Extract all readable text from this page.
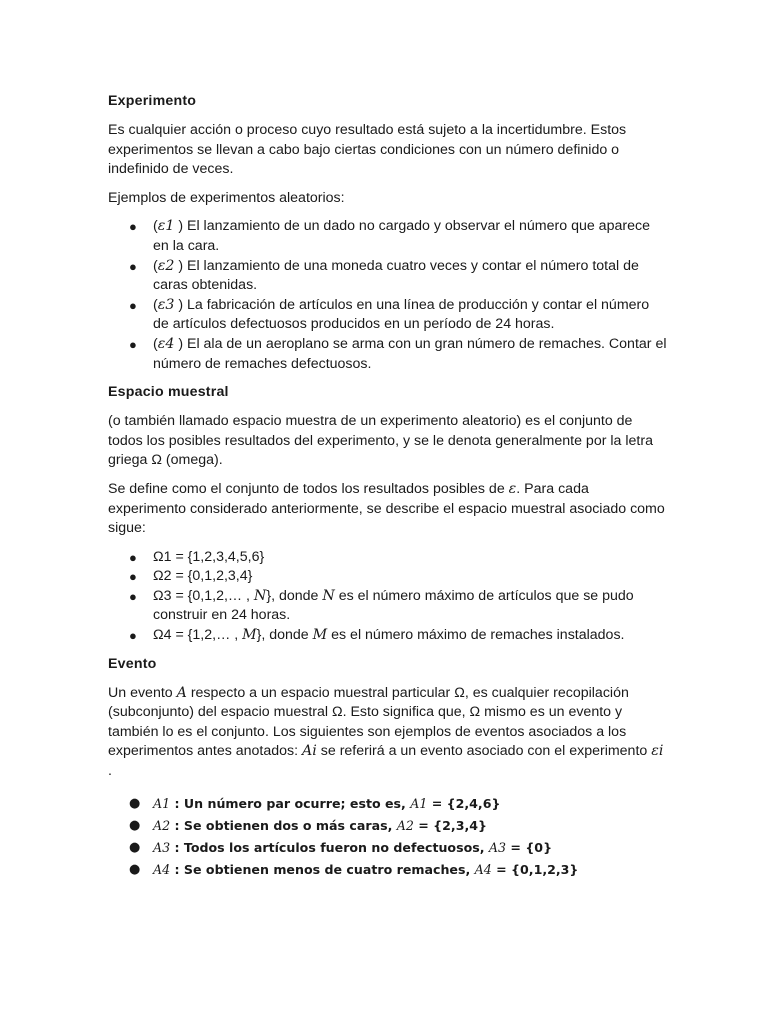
Experimento

Es cualquier acción o proceso cuyo resultado está sujeto a la incertidumbre. Estos experimentos se llevan a cabo bajo ciertas condiciones con un número definido o indefinido de veces.

Ejemplos de experimentos aleatorios:

● (ε1 ) El lanzamiento de un dado no cargado y observar el número que aparece en la cara.
● (ε2 ) El lanzamiento de una moneda cuatro veces y contar el número total de caras obtenidas.
● (ε3 ) La fabricación de artículos en una línea de producción y contar el número de artículos defectuosos producidos en un período de 24 horas.
● (ε4 ) El ala de un aeroplano se arma con un gran número de remaches. Contar el número de remaches defectuosos.
Espacio muestral

(o también llamado espacio muestra de un experimento aleatorio) es el conjunto de todos los posibles resultados del experimento, y se le denota generalmente por la letra griega Ω (omega).

Se define como el conjunto de todos los resultados posibles de ε. Para cada experimento considerado anteriormente, se describe el espacio muestral asociado como sigue:

● Ω1 = {1,2,3,4,5,6}
● Ω2 = {0,1,2,3,4}
● Ω3 = {0,1,2,… , N}, donde N es el número máximo de artículos que se pudo construir en 24 horas.
● Ω4 = {1,2,… , M}, donde M es el número máximo de remaches instalados.
Evento

Un evento A respecto a un espacio muestral particular Ω, es cualquier recopilación (subconjunto) del espacio muestral Ω. Esto significa que, Ω mismo es un evento y también lo es el conjunto. Los siguientes son ejemplos de eventos asociados a los experimentos antes anotados: Ai se referirá a un evento asociado con el experimento εi .

● A1 : Un número par ocurre; esto es, A1 = {2,4,6}
● A2 : Se obtienen dos o más caras, A2 = {2,3,4}
● A3 : Todos los artículos fueron no defectuosos, A3 = {0}
● A4 : Se obtienen menos de cuatro remaches, A4 = {0,1,2,3}
